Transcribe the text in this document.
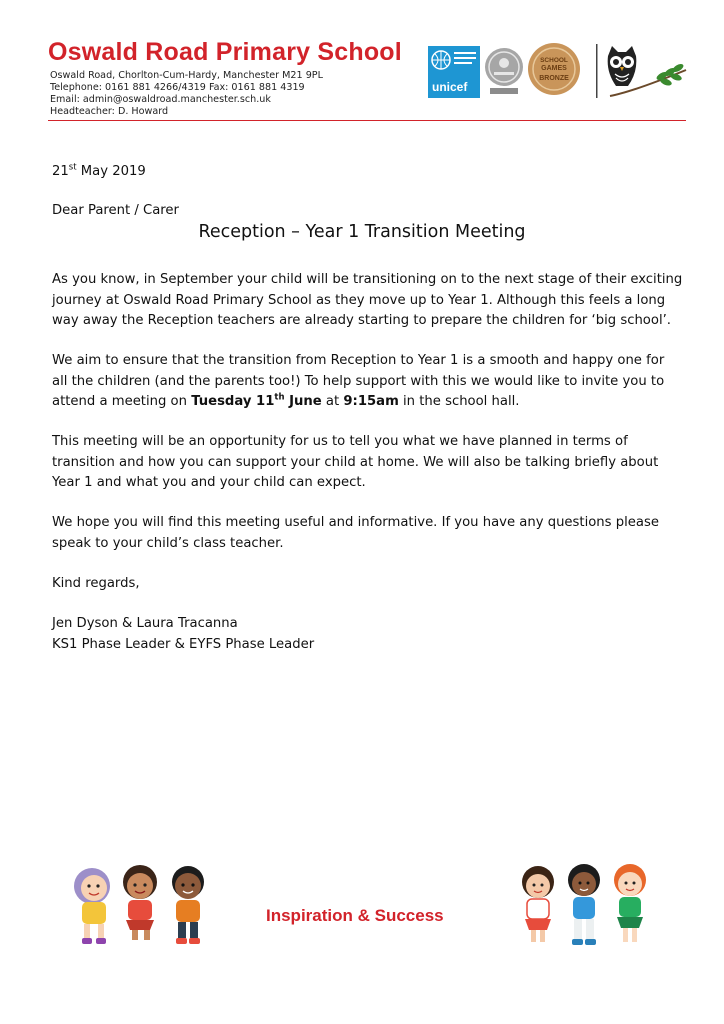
Oswald Road Primary School
Oswald Road, Chorlton-Cum-Hardy, Manchester M21 9PL
Telephone: 0161 881 4266/4319 Fax: 0161 881 4319
Email: admin@oswaldroad.manchester.sch.uk
Headteacher: D. Howard
unicef
SCHOOL
GAMES
BRONZE
21st May 2019
Dear Parent / Carer
Reception – Year 1 Transition Meeting

As you know, in September your child will be transitioning on to the next stage of their exciting

journey at Oswald Road Primary School as they move up to Year 1. Although this feels a long

way away the Reception teachers are already starting to prepare the children for ‘big school’.

We aim to ensure that the transition from Reception to Year 1 is a smooth and happy one for

all the children (and the parents too!) To help support with this we would like to invite you to

attend a meeting on Tuesday 11th June at 9:15am in the school hall.

This meeting will be an opportunity for us to tell you what we have planned in terms of

transition and how you can support your child at home. We will also be talking briefly about

Year 1 and what you and your child can expect.

We hope you will find this meeting useful and informative. If you have any questions please

speak to your child’s class teacher.

Kind regards,
Jen Dyson & Laura Tracanna
KS1 Phase Leader & EYFS Phase Leader
Inspiration & Success
